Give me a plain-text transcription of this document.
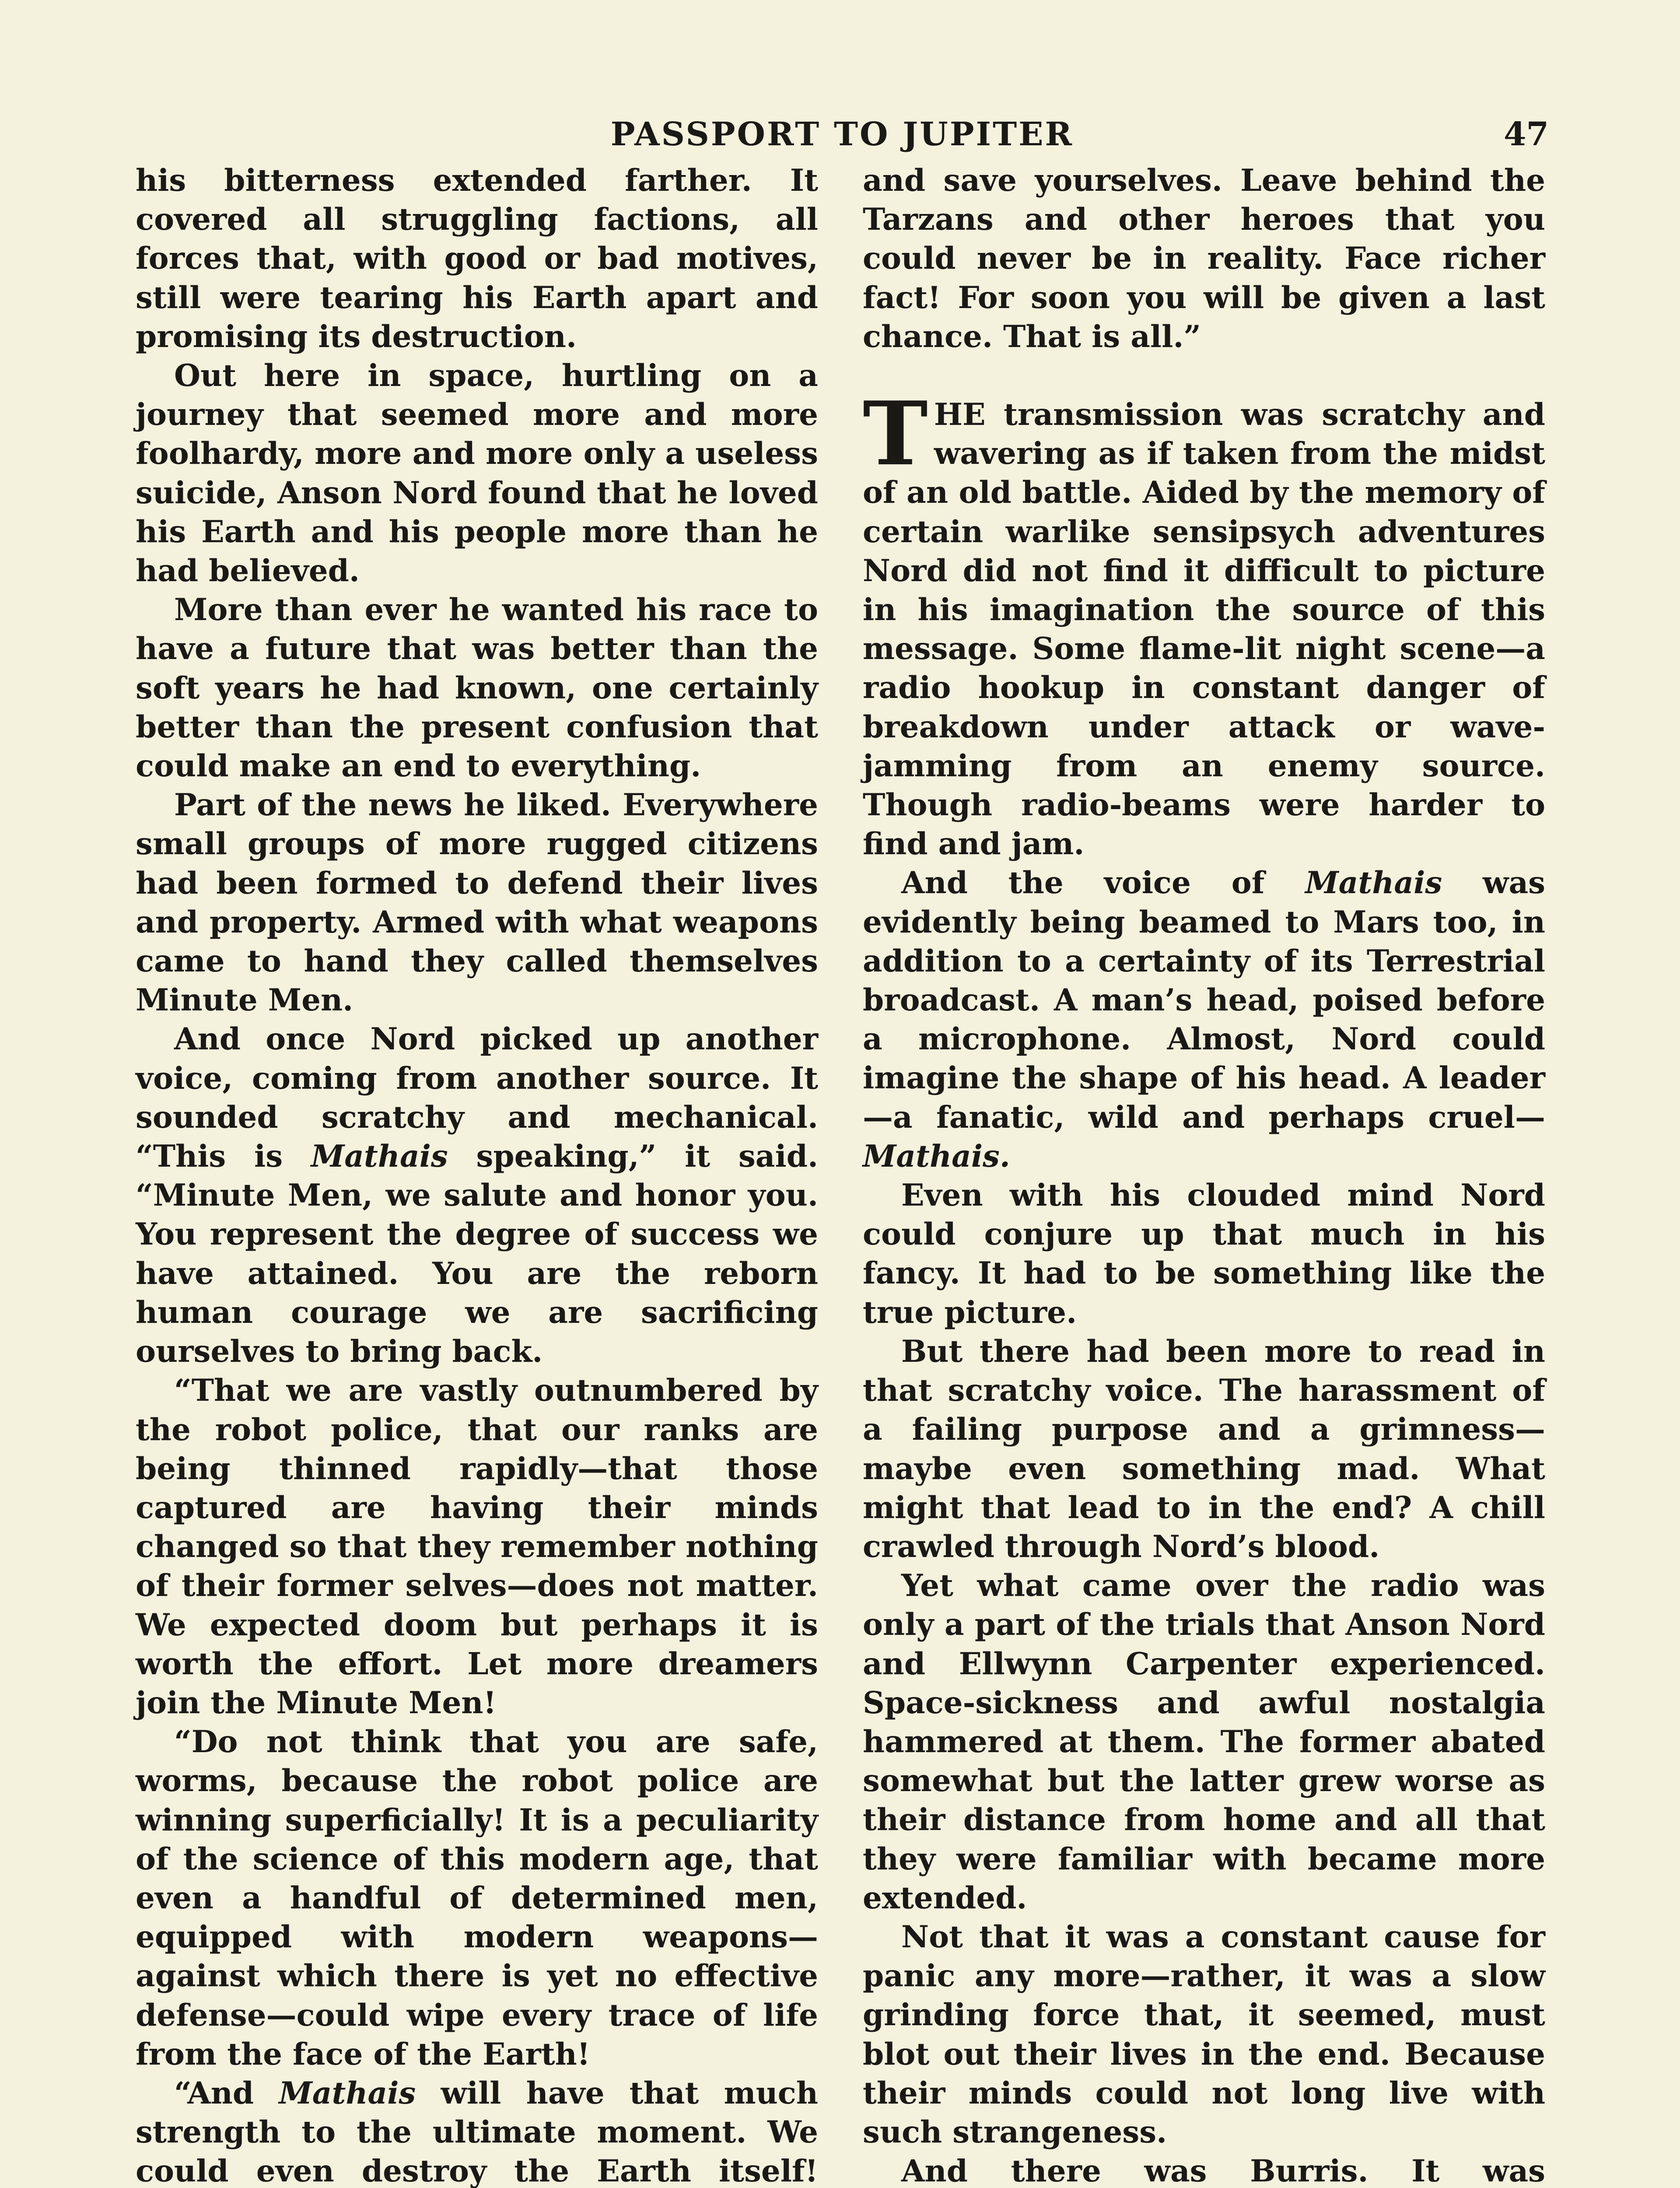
PASSPORT TO JUPITER	47

his bitterness extended farther. It covered all struggling factions, all forces that, with good or bad motives, still were tearing his Earth apart and promising its destruction.

Out here in space, hurtling on a journey that seemed more and more foolhardy, more and more only a useless suicide, Anson Nord found that he loved his Earth and his people more than he had believed.

More than ever he wanted his race to have a future that was better than the soft years he had known, one certainly better than the present confusion that could make an end to everything.

Part of the news he liked. Everywhere small groups of more rugged citizens had been formed to defend their lives and property. Armed with what weapons came to hand they called themselves Minute Men.

And once Nord picked up another voice, coming from another source. It sounded scratchy and mechanical. “This is Mathais speaking,” it said. “Minute Men, we salute and honor you. You represent the degree of success we have attained. You are the reborn human courage we are sacrificing ourselves to bring back.

“That we are vastly outnumbered by the robot police, that our ranks are being thinned rapidly—that those captured are having their minds changed so that they remember nothing of their former selves—does not matter. We expected doom but perhaps it is worth the effort. Let more dreamers join the Minute Men!

“Do not think that you are safe, worms, because the robot police are winning superficially! It is a peculiarity of the science of this modern age, that even a handful of determined men, equipped with modern weapons—against which there is yet no effective defense—could wipe every trace of life from the face of the Earth!

“And Mathais will have that much strength to the ultimate moment. We could even destroy the Earth itself!

and save yourselves. Leave behind the Tarzans and other heroes that you could never be in reality. Face richer fact! For soon you will be given a last chance. That is all.”

THE transmission was scratchy and wavering as if taken from the midst of an old battle. Aided by the memory of certain warlike sensipsych adventures Nord did not find it difficult to picture in his imagination the source of this message. Some flame-lit night scene—a radio hookup in constant danger of breakdown under attack or wave-jamming from an enemy source. Though radio-beams were harder to find and jam.

And the voice of Mathais was evidently being beamed to Mars too, in addition to a certainty of its Terrestrial broadcast. A man’s head, poised before a microphone. Almost, Nord could imagine the shape of his head. A leader—a fanatic, wild and perhaps cruel—Mathais.

Even with his clouded mind Nord could conjure up that much in his fancy. It had to be something like the true picture.

But there had been more to read in that scratchy voice. The harassment of a failing purpose and a grimness—maybe even something mad. What might that lead to in the end? A chill crawled through Nord’s blood.

Yet what came over the radio was only a part of the trials that Anson Nord and Ellwynn Carpenter experienced. Space-sickness and awful nostalgia hammered at them. The former abated somewhat but the latter grew worse as their distance from home and all that they were familiar with became more extended.

Not that it was a constant cause for panic any more—rather, it was a slow grinding force that, it seemed, must blot out their lives in the end. Because their minds could not long live with such strangeness.

And there was Burris. It was
